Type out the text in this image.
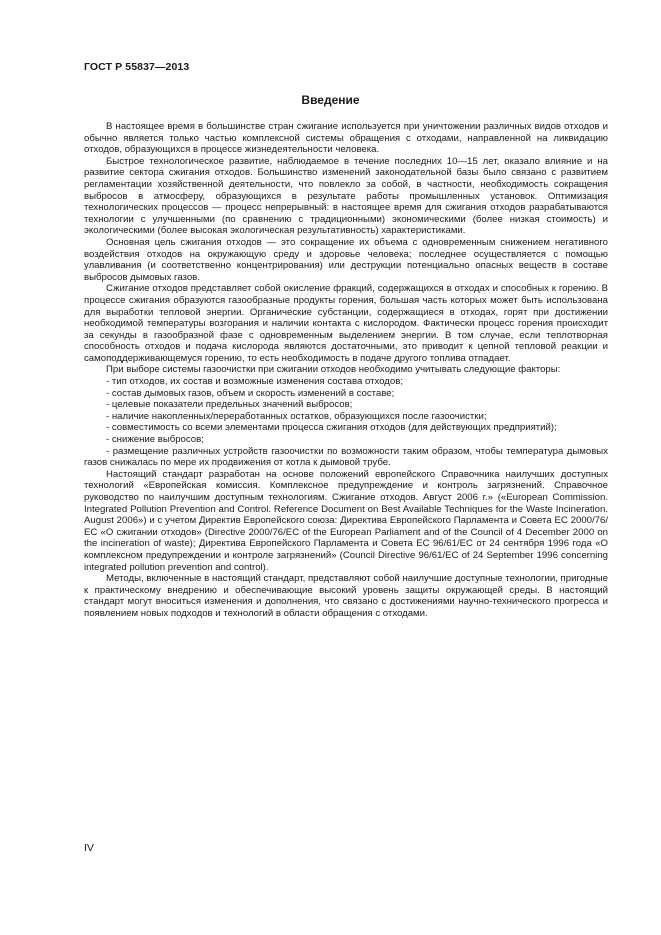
ГОСТ Р 55837—2013
Введение

В настоящее время в большинстве стран сжигание используется при уничтожении различных видов отходов и обычно является только частью комплексной системы обращения с отходами, направленной на ликвидацию отходов, образующихся в процессе жизнедеятельности человека.

Быстрое технологическое развитие, наблюдаемое в течение последних 10—15 лет, оказало влияние и на развитие сектора сжигания отходов. Большинство изменений законодательной базы было связано с развитием регламентации хозяйственной деятельности, что повлекло за собой, в частности, необходимость сокращения выбросов в атмосферу, образующихся в результате работы промышленных установок. Оптимизация технологических процессов — процесс непрерывный: в настоящее время для сжигания отходов разрабатываются технологии с улучшенными (по сравнению с традиционными) экономическими (более низкая стоимость) и экологическими (более высокая экологическая результативность) характеристиками.

Основная цель сжигания отходов — это сокращение их объема с одновременным снижением негативного воздействия отходов на окружающую среду и здоровье человека; последнее осуществляется с помощью улавливания (и соответственно концентрирования) или деструкции потенциально опасных веществ в составе выбросов дымовых газов.

Сжигание отходов представляет собой окисление фракций, содержащихся в отходах и способных к горению. В процессе сжигания образуются газообразные продукты горения, большая часть которых может быть использована для выработки тепловой энергии. Органические субстанции, содержащиеся в отходах, горят при достижении необходимой температуры возгорания и наличии контакта с кислородом. Фактически процесс горения происходит за секунды в газообразной фазе с одновременным выделением энергии. В том случае, если теплотворная способность отходов и подача кислорода являются достаточными, это приводит к цепной тепловой реакции и самоподдерживающемуся горению, то есть необходимость в подаче другого топлива отпадает.

При выборе системы газоочистки при сжигании отходов необходимо учитывать следующие факторы:

- тип отходов, их состав и возможные изменения состава отходов;

- состав дымовых газов, объем и скорость изменений в составе;

- целевые показатели предельных значений выбросов;

- наличие накопленных/переработанных остатков, образующихся после газоочистки;

- совместимость со всеми элементами процесса сжигания отходов (для действующих предприятий);

- снижение выбросов;

- размещение различных устройств газоочистки по возможности таким образом, чтобы температура дымовых газов снижалась по мере их продвижения от котла к дымовой трубе.

Настоящий стандарт разработан на основе положений европейского Справочника наилучших доступных технологий «Европейская комиссия. Комплексное предупреждение и контроль загрязнений. Справочное руководство по наилучшим доступным технологиям. Сжигание отходов. Август 2006 г.» («European Commission. Integrated Pollution Prevention and Control. Reference Document on Best Available Techniques for the Waste Incineration. August 2006») и с учетом Директив Европейского союза: Директива Европейского Парламента и Совета ЕС 2000/76/ЕС «О сжигании отходов» (Directive 2000/76/EC of the European Parliament and of the Council of 4 December 2000 on the incineration of waste); Директива Европейского Парламента и Совета ЕС 96/61/ЕС от 24 сентября 1996 года «О комплексном предупреждении и контроле загрязнений» (Council Directive 96/61/EC of 24 September 1996 concerning integrated pollution prevention and control).

Методы, включенные в настоящий стандарт, представляют собой наилучшие доступные технологии, пригодные к практическому внедрению и обеспечивающие высокий уровень защиты окружающей среды. В настоящий стандарт могут вноситься изменения и дополнения, что связано с достижениями научно-технического прогресса и появлением новых подходов и технологий в области обращения с отходами.

IV
